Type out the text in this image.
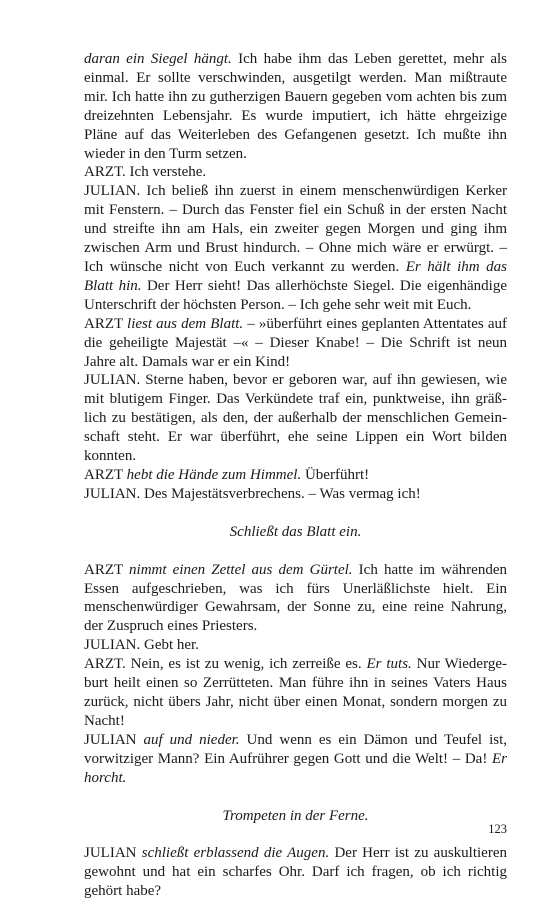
daran ein Siegel hängt. Ich habe ihm das Leben gerettet, mehr als einmal. Er sollte verschwinden, ausgetilgt werden. Man mißtraute mir. Ich hatte ihn zu gutherzigen Bauern gegeben vom achten bis zum dreizehnten Lebensjahr. Es wurde imputiert, ich hätte ehrgeizige Pläne auf das Weiterleben des Gefangenen gesetzt. Ich mußte ihn wieder in den Turm setzen.

ARZT. Ich verstehe.

JULIAN. Ich beließ ihn zuerst in einem menschenwürdigen Kerker mit Fenstern. – Durch das Fenster fiel ein Schuß in der ersten Nacht und streifte ihn am Hals, ein zweiter gegen Morgen und ging ihm zwischen Arm und Brust hindurch. – Ohne mich wäre er erwürgt. – Ich wünsche nicht von Euch verkannt zu werden. Er hält ihm das Blatt hin. Der Herr sieht! Das allerhöchste Siegel. Die eigenhändige Unterschrift der höchsten Person. – Ich gehe sehr weit mit Euch.

ARZT liest aus dem Blatt. – »überführt eines geplanten Attentates auf die geheiligte Majestät –« – Dieser Knabe! – Die Schrift ist neun Jahre alt. Damals war er ein Kind!

JULIAN. Sterne haben, bevor er geboren war, auf ihn gewiesen, wie mit blutigem Finger. Das Verkündete traf ein, punktweise, ihn gräßlich zu bestätigen, als den, der außerhalb der menschlichen Gemeinschaft steht. Er war überführt, ehe seine Lippen ein Wort bilden konnten.

ARZT hebt die Hände zum Himmel. Überführt!

JULIAN. Des Majestätsverbrechens. – Was vermag ich!

Schließt das Blatt ein.

ARZT nimmt einen Zettel aus dem Gürtel. Ich hatte im währenden Essen aufgeschrieben, was ich fürs Unerläßlichste hielt. Ein menschenwürdiger Gewahrsam, der Sonne zu, eine reine Nahrung, der Zuspruch eines Priesters.

JULIAN. Gebt her.

ARZT. Nein, es ist zu wenig, ich zerreiße es. Er tuts. Nur Wiedergeburt heilt einen so Zerrütteten. Man führe ihn in seines Vaters Haus zurück, nicht übers Jahr, nicht über einen Monat, sondern morgen zu Nacht!

JULIAN auf und nieder. Und wenn es ein Dämon und Teufel ist, vorwitziger Mann? Ein Aufrührer gegen Gott und die Welt! – Da! Er horcht.

Trompeten in der Ferne.

JULIAN schließt erblassend die Augen. Der Herr ist zu auskultieren gewohnt und hat ein scharfes Ohr. Darf ich fragen, ob ich richtig gehört habe?

123
